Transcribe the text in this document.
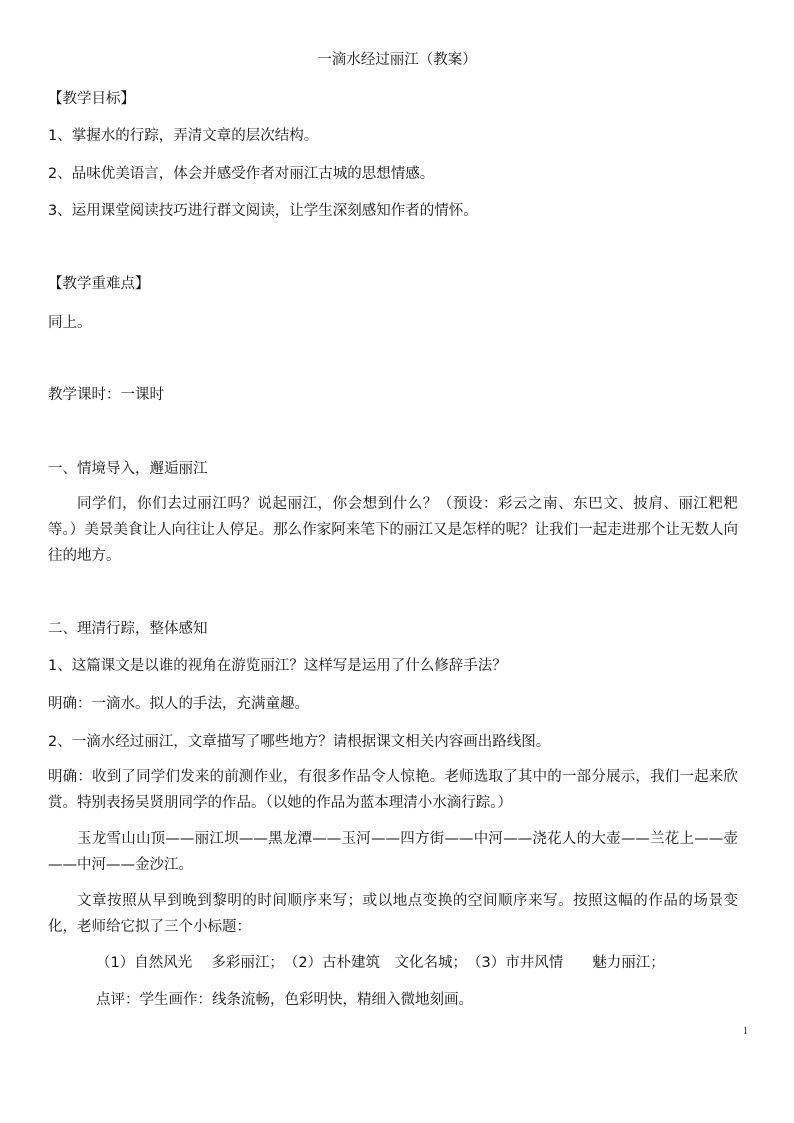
一滴水经过丽江（教案）

【教学目标】

1、掌握水的行踪，弄清文章的层次结构。

2、品味优美语言，体会并感受作者对丽江古城的思想情感。

3、运用课堂阅读技巧进行群文阅读，让学生深刻感知作者的情怀。

【教学重难点】

同上。

教学课时：一课时

一、情境导入，邂逅丽江

同学们，你们去过丽江吗？说起丽江，你会想到什么？（预设：彩云之南、东巴文、披肩、丽江粑粑等。）美景美食让人向往让人停足。那么作家阿来笔下的丽江又是怎样的呢？让我们一起走进那个让无数人向往的地方。

二、理清行踪，整体感知

1、这篇课文是以谁的视角在游览丽江？这样写是运用了什么修辞手法？

明确：一滴水。拟人的手法，充满童趣。

2、一滴水经过丽江，文章描写了哪些地方？请根据课文相关内容画出路线图。

明确：收到了同学们发来的前测作业，有很多作品令人惊艳。老师选取了其中的一部分展示，我们一起来欣赏。特别表扬吴贤朋同学的作品。（以她的作品为蓝本理清小水滴行踪。）

玉龙雪山山顶——丽江坝——黑龙潭——玉河——四方街——中河——浇花人的大壶——兰花上——壶——中河——金沙江。

文章按照从早到晚到黎明的时间顺序来写；或以地点变换的空间顺序来写。按照这幅的作品的场景变化，老师给它拟了三个小标题：

（1）自然风光　 多彩丽江；　（2）古朴建筑　文化名城；　（3）市井风情　　魅力丽江；

点评：学生画作：线条流畅，色彩明快，精细入微地刻画。

1
